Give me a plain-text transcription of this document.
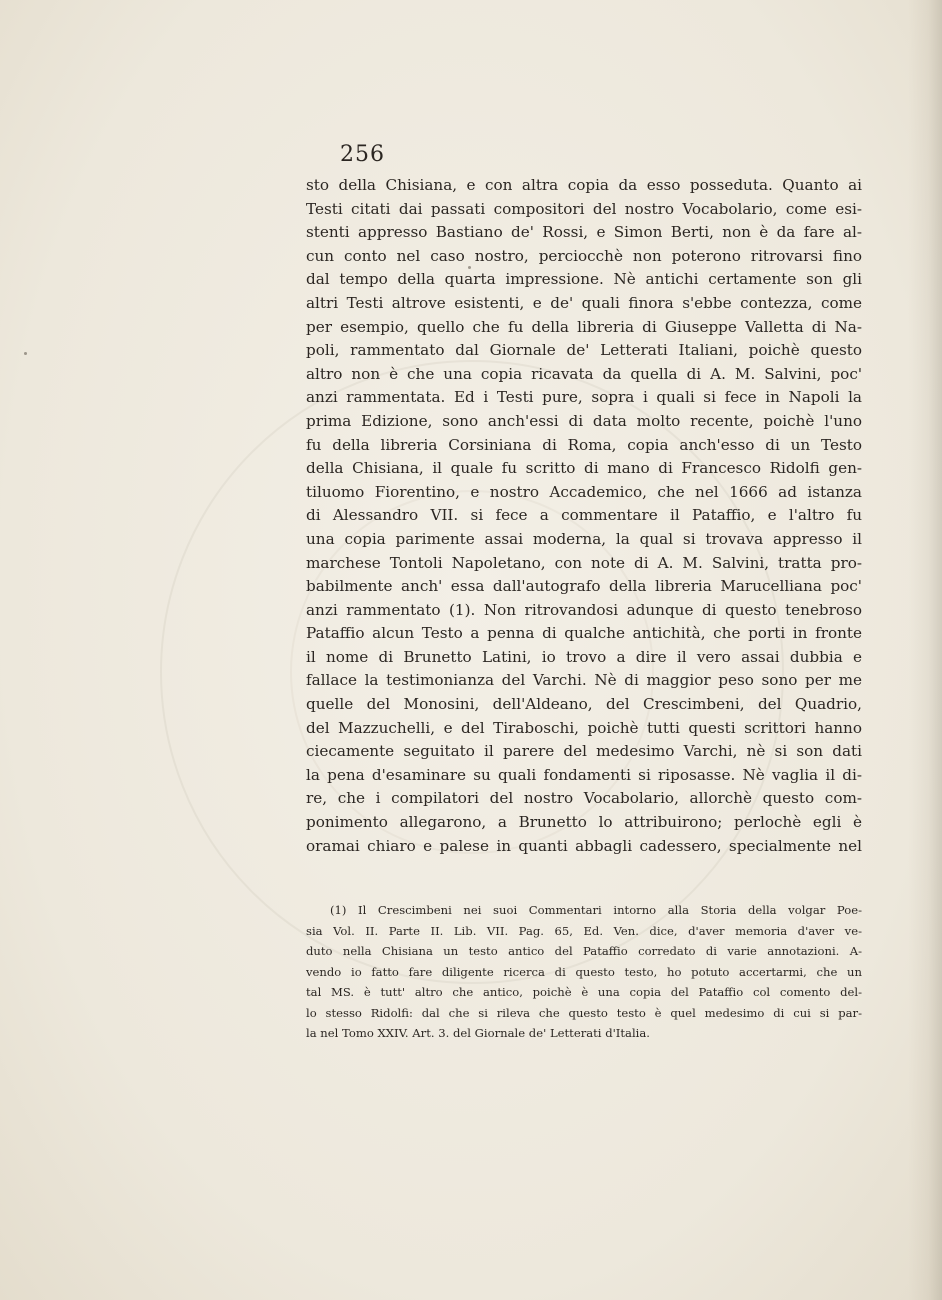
256
sto della Chisiana, e con altra copia da esso posseduta. Quanto ai
Testi citati dai passati compositori del nostro Vocabolario, come esi-
stenti appresso Bastiano de' Rossi, e Simon Berti, non è da fare al-
cun conto nel caso nostro, perciocchè non poterono ritrovarsi fino
dal tempo della quarta impressione. Nè antichi certamente son gli
altri Testi altrove esistenti, e de' quali finora s'ebbe contezza, come
per esempio, quello che fu della libreria di Giuseppe Valletta di Na-
poli, rammentato dal Giornale de' Letterati Italiani, poichè questo
altro non è che una copia ricavata da quella di A. M. Salvini, poc'
anzi rammentata. Ed i Testi pure, sopra i quali si fece in Napoli la
prima Edizione, sono anch'essi di data molto recente, poichè l'uno
fu della libreria Corsiniana di Roma, copia anch'esso di un Testo
della Chisiana, il quale fu scritto di mano di Francesco Ridolfi gen-
tiluomo Fiorentino, e nostro Accademico, che nel 1666 ad istanza
di Alessandro VII. si fece a commentare il Pataffio, e l'altro fu
una copia parimente assai moderna, la qual si trovava appresso il
marchese Tontoli Napoletano, con note di A. M. Salvini, tratta pro-
babilmente anch' essa dall'autografo della libreria Marucelliana poc'
anzi rammentato (1). Non ritrovandosi adunque di questo tenebroso
Pataffio alcun Testo a penna di qualche antichità, che porti in fronte
il nome di Brunetto Latini, io trovo a dire il vero assai dubbia e
fallace la testimonianza del Varchi. Nè di maggior peso sono per me
quelle del Monosini, dell'Aldeano, del Crescimbeni, del Quadrio,
del Mazzuchelli, e del Tiraboschi, poichè tutti questi scrittori hanno
ciecamente seguitato il parere del medesimo Varchi, nè si son dati
la pena d'esaminare su quali fondamenti si riposasse. Nè vaglia il di-
re, che i compilatori del nostro Vocabolario, allorchè questo com-
ponimento allegarono, a Brunetto lo attribuirono; perlochè egli è
oramai chiaro e palese in quanti abbagli cadessero, specialmente nel
(1) Il Crescimbeni nei suoi Commentari intorno alla Storia della volgar Poe-
sia Vol. II. Parte II. Lib. VII. Pag. 65, Ed. Ven. dice, d'aver memoria d'aver ve-
duto nella Chisiana un testo antico del Pataffio corredato di varie annotazioni. A-
vendo io fatto fare diligente ricerca di questo testo, ho potuto accertarmi, che un
tal MS. è tutt' altro che antico, poichè è una copia del Pataffio col comento del-
lo stesso Ridolfi: dal che si rileva che questo testo è quel medesimo di cui si par-
la nel Tomo XXIV. Art. 3. del Giornale de' Letterati d'Italia.
